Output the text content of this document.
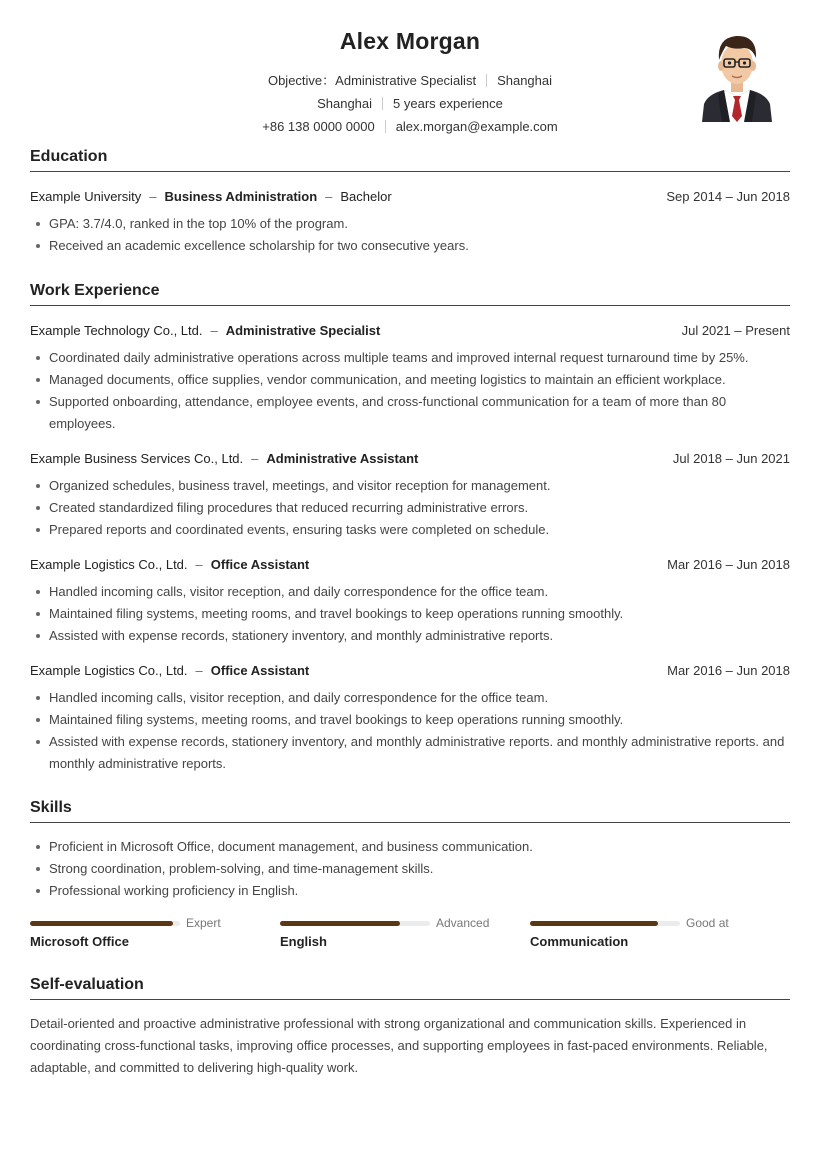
Alex Morgan
Objective：Administrative Specialist Shanghai
Shanghai 5 years experience
+86 138 0000 0000 alex.morgan@example.com
Education
Example University – Business Administration – Bachelor	Sep 2014 – Jun 2018
GPA: 3.7/4.0, ranked in the top 10% of the program.
Received an academic excellence scholarship for two consecutive years.
Work Experience
Example Technology Co., Ltd. – Administrative Specialist	Jul 2021 – Present
Coordinated daily administrative operations across multiple teams and improved internal request turnaround time by 25%.
Managed documents, office supplies, vendor communication, and meeting logistics to maintain an efficient workplace.
Supported onboarding, attendance, employee events, and cross-functional communication for a team of more than 80 employees.
Example Business Services Co., Ltd. – Administrative Assistant	Jul 2018 – Jun 2021
Organized schedules, business travel, meetings, and visitor reception for management.
Created standardized filing procedures that reduced recurring administrative errors.
Prepared reports and coordinated events, ensuring tasks were completed on schedule.
Example Logistics Co., Ltd. – Office Assistant	Mar 2016 – Jun 2018
Handled incoming calls, visitor reception, and daily correspondence for the office team.
Maintained filing systems, meeting rooms, and travel bookings to keep operations running smoothly.
Assisted with expense records, stationery inventory, and monthly administrative reports.
Example Logistics Co., Ltd. – Office Assistant	Mar 2016 – Jun 2018
Handled incoming calls, visitor reception, and daily correspondence for the office team.
Maintained filing systems, meeting rooms, and travel bookings to keep operations running smoothly.
Assisted with expense records, stationery inventory, and monthly administrative reports. and monthly administrative reports. and monthly administrative reports.
Skills
Proficient in Microsoft Office, document management, and business communication.
Strong coordination, problem-solving, and time-management skills.
Professional working proficiency in English.
Expert
Microsoft Office
Advanced
English
Good at
Communication
Self-evaluation

Detail-oriented and proactive administrative professional with strong organizational and communication skills. Experienced in coordinating cross-functional tasks, improving office processes, and supporting employees in fast-paced environments. Reliable, adaptable, and committed to delivering high-quality work.
